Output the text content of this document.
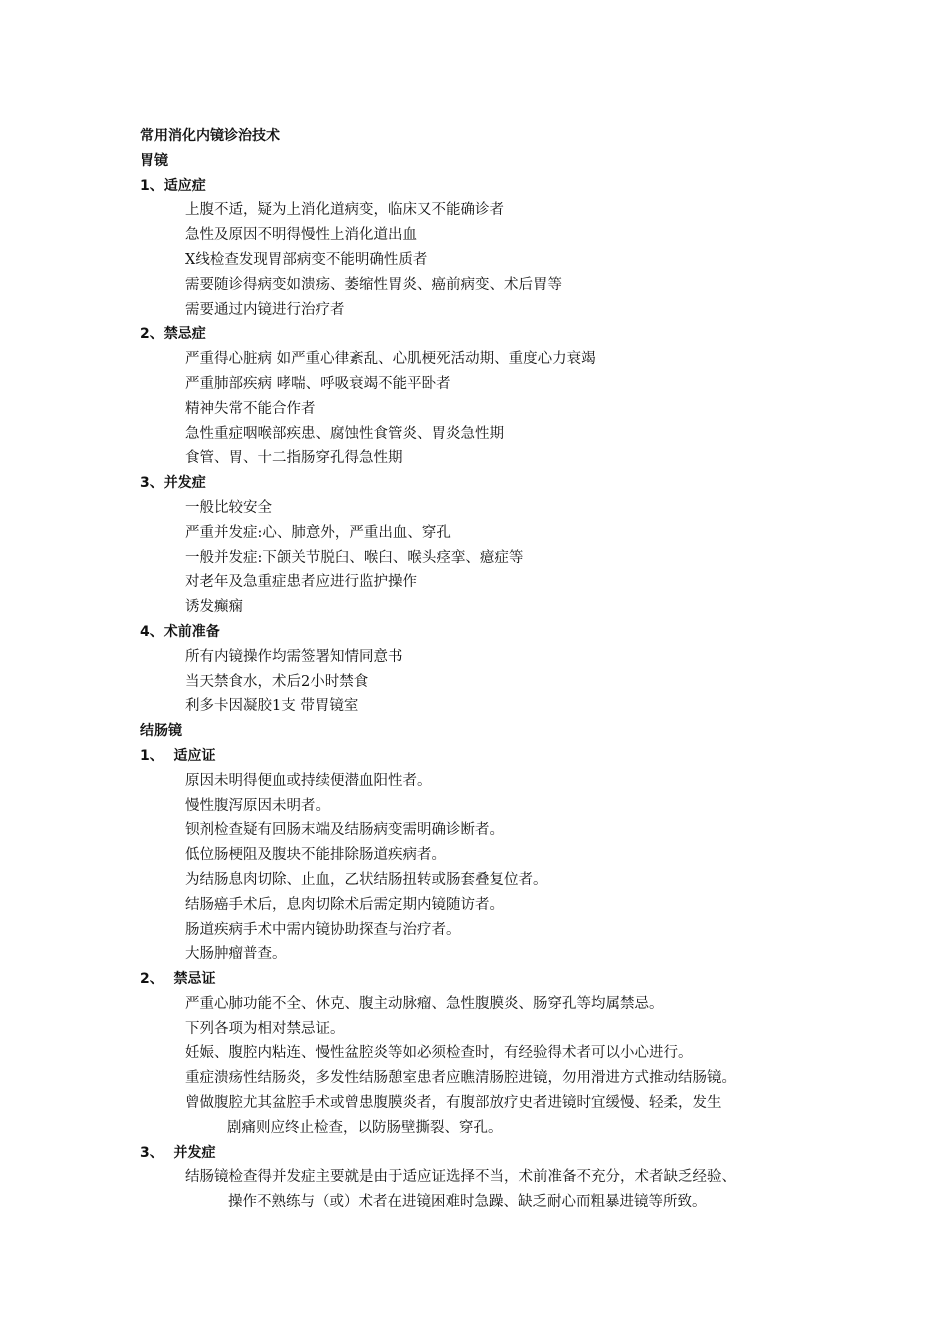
常用消化内镜诊治技术
胃镜
1、适应症
上腹不适，疑为上消化道病变，临床又不能确诊者
急性及原因不明得慢性上消化道出血
X线检查发现胃部病变不能明确性质者
需要随诊得病变如溃疡、萎缩性胃炎、癌前病变、术后胃等
需要通过内镜进行治疗者
2、禁忌症
严重得心脏病 如严重心律紊乱、心肌梗死活动期、重度心力衰竭
严重肺部疾病 哮喘、呼吸衰竭不能平卧者
精神失常不能合作者
急性重症咽喉部疾患、腐蚀性食管炎、胃炎急性期
食管、胃、十二指肠穿孔得急性期
3、并发症
一般比较安全
严重并发症:心、肺意外，严重出血、穿孔
一般并发症:下颌关节脱臼、喉臼、喉头痉挛、癔症等
对老年及急重症患者应进行监护操作
诱发癫痫
4、术前准备
所有内镜操作均需签署知情同意书
当天禁食水，术后2小时禁食
利多卡因凝胶1支 带胃镜室
结肠镜
1、  适应证
原因未明得便血或持续便潜血阳性者。
慢性腹泻原因未明者。
钡剂检查疑有回肠末端及结肠病变需明确诊断者。
低位肠梗阻及腹块不能排除肠道疾病者。
为结肠息肉切除、止血，乙状结肠扭转或肠套叠复位者。
结肠癌手术后，息肉切除术后需定期内镜随访者。
肠道疾病手术中需内镜协助探查与治疗者。
大肠肿瘤普查。
2、  禁忌证
严重心肺功能不全、休克、腹主动脉瘤、急性腹膜炎、肠穿孔等均属禁忌。
下列各项为相对禁忌证。
妊娠、腹腔内粘连、慢性盆腔炎等如必须检查时，有经验得术者可以小心进行。
重症溃疡性结肠炎，多发性结肠憩室患者应瞧清肠腔进镜，勿用滑进方式推动结肠镜。
曾做腹腔尤其盆腔手术或曾患腹膜炎者，有腹部放疗史者进镜时宜缓慢、轻柔，发生
剧痛则应终止检查，以防肠壁撕裂、穿孔。
3、  并发症
结肠镜检查得并发症主要就是由于适应证选择不当，术前准备不充分，术者缺乏经验、
操作不熟练与（或）术者在进镜困难时急躁、缺乏耐心而粗暴进镜等所致。
